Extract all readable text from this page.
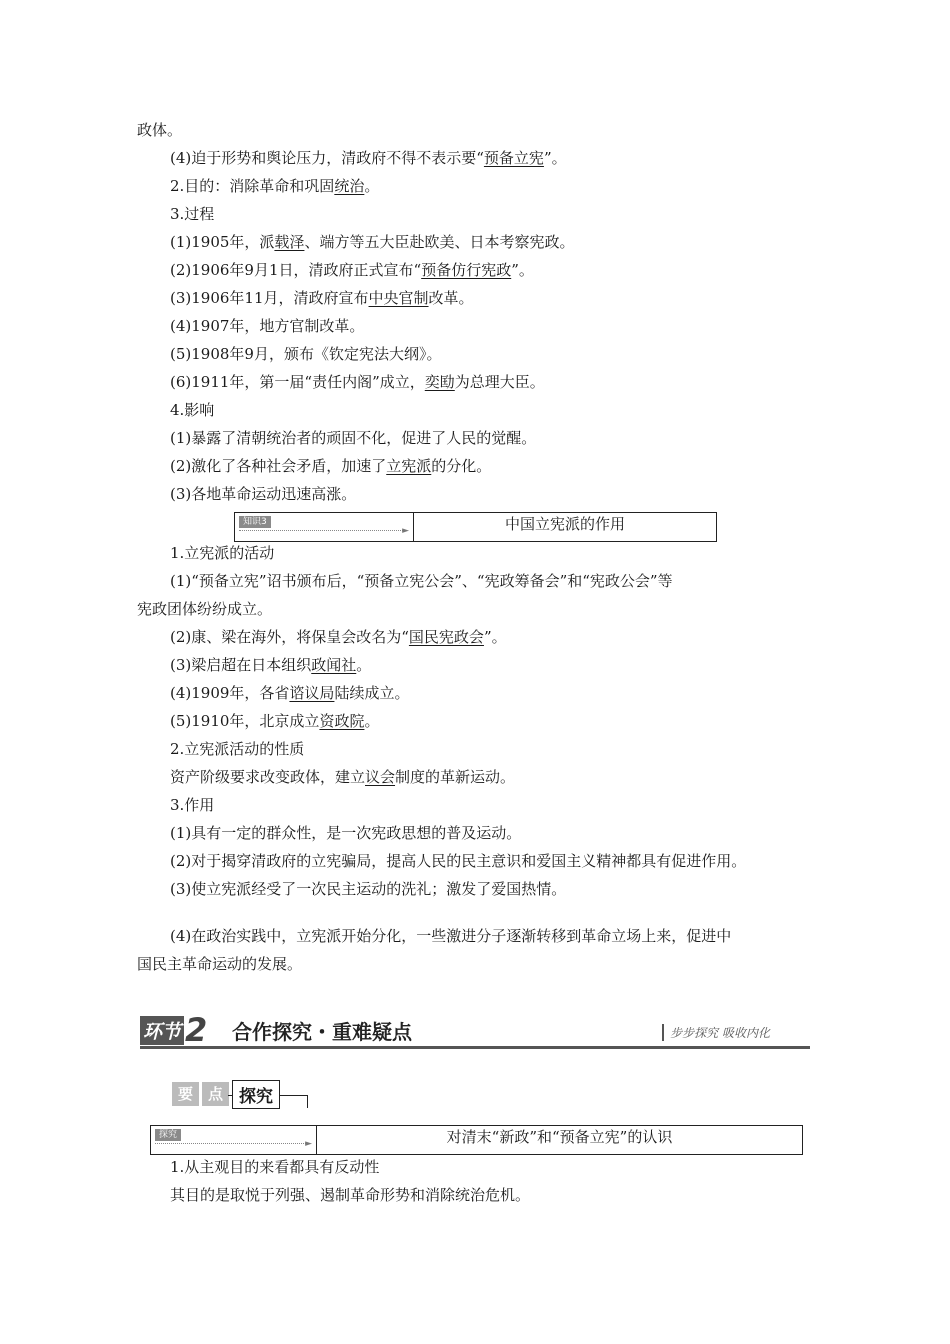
政体。
(4)迫于形势和舆论压力，清政府不得不表示要“预备立宪”。
2.目的：消除革命和巩固统治。
3.过程
(1)1905年，派载泽、端方等五大臣赴欧美、日本考察宪政。
(2)1906年9月1日，清政府正式宣布“预备仿行宪政”。
(3)1906年11月，清政府宣布中央官制改革。
(4)1907年，地方官制改革。
(5)1908年9月，颁布《钦定宪法大纲》。
(6)1911年，第一届“责任内阁”成立，奕劻为总理大臣。
4.影响
(1)暴露了清朝统治者的顽固不化，促进了人民的觉醒。
(2)激化了各种社会矛盾，加速了立宪派的分化。
(3)各地革命运动迅速高涨。
知识3
►	中国立宪派的作用
1.立宪派的活动
(1)“预备立宪”诏书颁布后，“预备立宪公会”、“宪政筹备会”和“宪政公会”等
宪政团体纷纷成立。
(2)康、梁在海外，将保皇会改名为“国民宪政会”。
(3)梁启超在日本组织政闻社。
(4)1909年，各省谘议局陆续成立。
(5)1910年，北京成立资政院。
2.立宪派活动的性质
资产阶级要求改变政体，建立议会制度的革新运动。
3.作用
(1)具有一定的群众性，是一次宪政思想的普及运动。
(2)对于揭穿清政府的立宪骗局，提高人民的民主意识和爱国主义精神都具有促进作用。
(3)使立宪派经受了一次民主运动的洗礼；激发了爱国热情。
(4)在政治实践中，立宪派开始分化，一些激进分子逐渐转移到革命立场上来，促进中
国民主革命运动的发展。
环节 2 合作探究・重难疑点	步步探究 吸收内化
要 点 探究
探究
►	对清末“新政”和“预备立宪”的认识
1.从主观目的来看都具有反动性
其目的是取悦于列强、遏制革命形势和消除统治危机。
